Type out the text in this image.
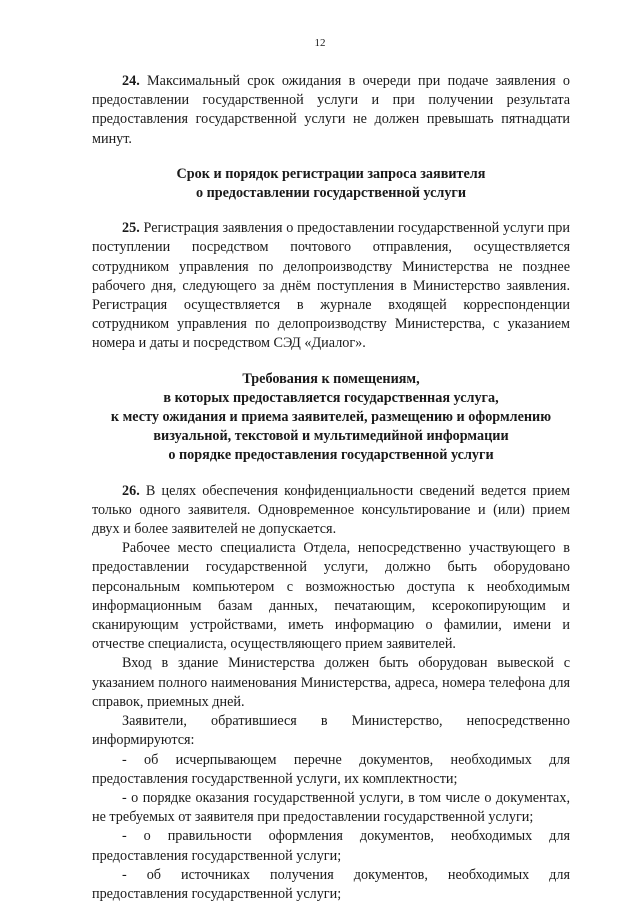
12

24. Максимальный срок ожидания в очереди при подаче заявления о предоставлении государственной услуги и при получении результата предоставления государственной услуги не должен превышать пятнадцати минут.

Срок и порядок регистрации запроса заявителя
о предоставлении государственной услуги

25. Регистрация заявления о предоставлении государственной услуги при поступлении посредством почтового отправления, осуществляется сотрудником управления по делопроизводству Министерства не позднее рабочего дня, следующего за днём поступления в Министерство заявления. Регистрация осуществляется в журнале входящей корреспонденции сотрудником управления по делопроизводству Министерства, с указанием номера и даты и посредством СЭД «Диалог».

Требования к помещениям,
в которых предоставляется государственная услуга,
к месту ожидания и приема заявителей, размещению и оформлению
визуальной, текстовой и мультимедийной информации
о порядке предоставления государственной услуги

26. В целях обеспечения конфиденциальности сведений ведется прием только одного заявителя. Одновременное консультирование и (или) прием двух и более заявителей не допускается.

Рабочее место специалиста Отдела, непосредственно участвующего в предоставлении государственной услуги, должно быть оборудовано персональным компьютером с возможностью доступа к необходимым информационным базам данных, печатающим, ксерокопирующим и сканирующим устройствами, иметь информацию о фамилии, имени и отчестве специалиста, осуществляющего прием заявителей.

Вход в здание Министерства должен быть оборудован вывеской с указанием полного наименования Министерства, адреса, номера телефона для справок, приемных дней.

Заявители, обратившиеся в Министерство, непосредственно информируются:

- об исчерпывающем перечне документов, необходимых для предоставления государственной услуги, их комплектности;

- о порядке оказания государственной услуги, в том числе о документах, не требуемых от заявителя при предоставлении государственной услуги;

- о правильности оформления документов, необходимых для предоставления государственной услуги;

- об источниках получения документов, необходимых для предоставления государственной услуги;
